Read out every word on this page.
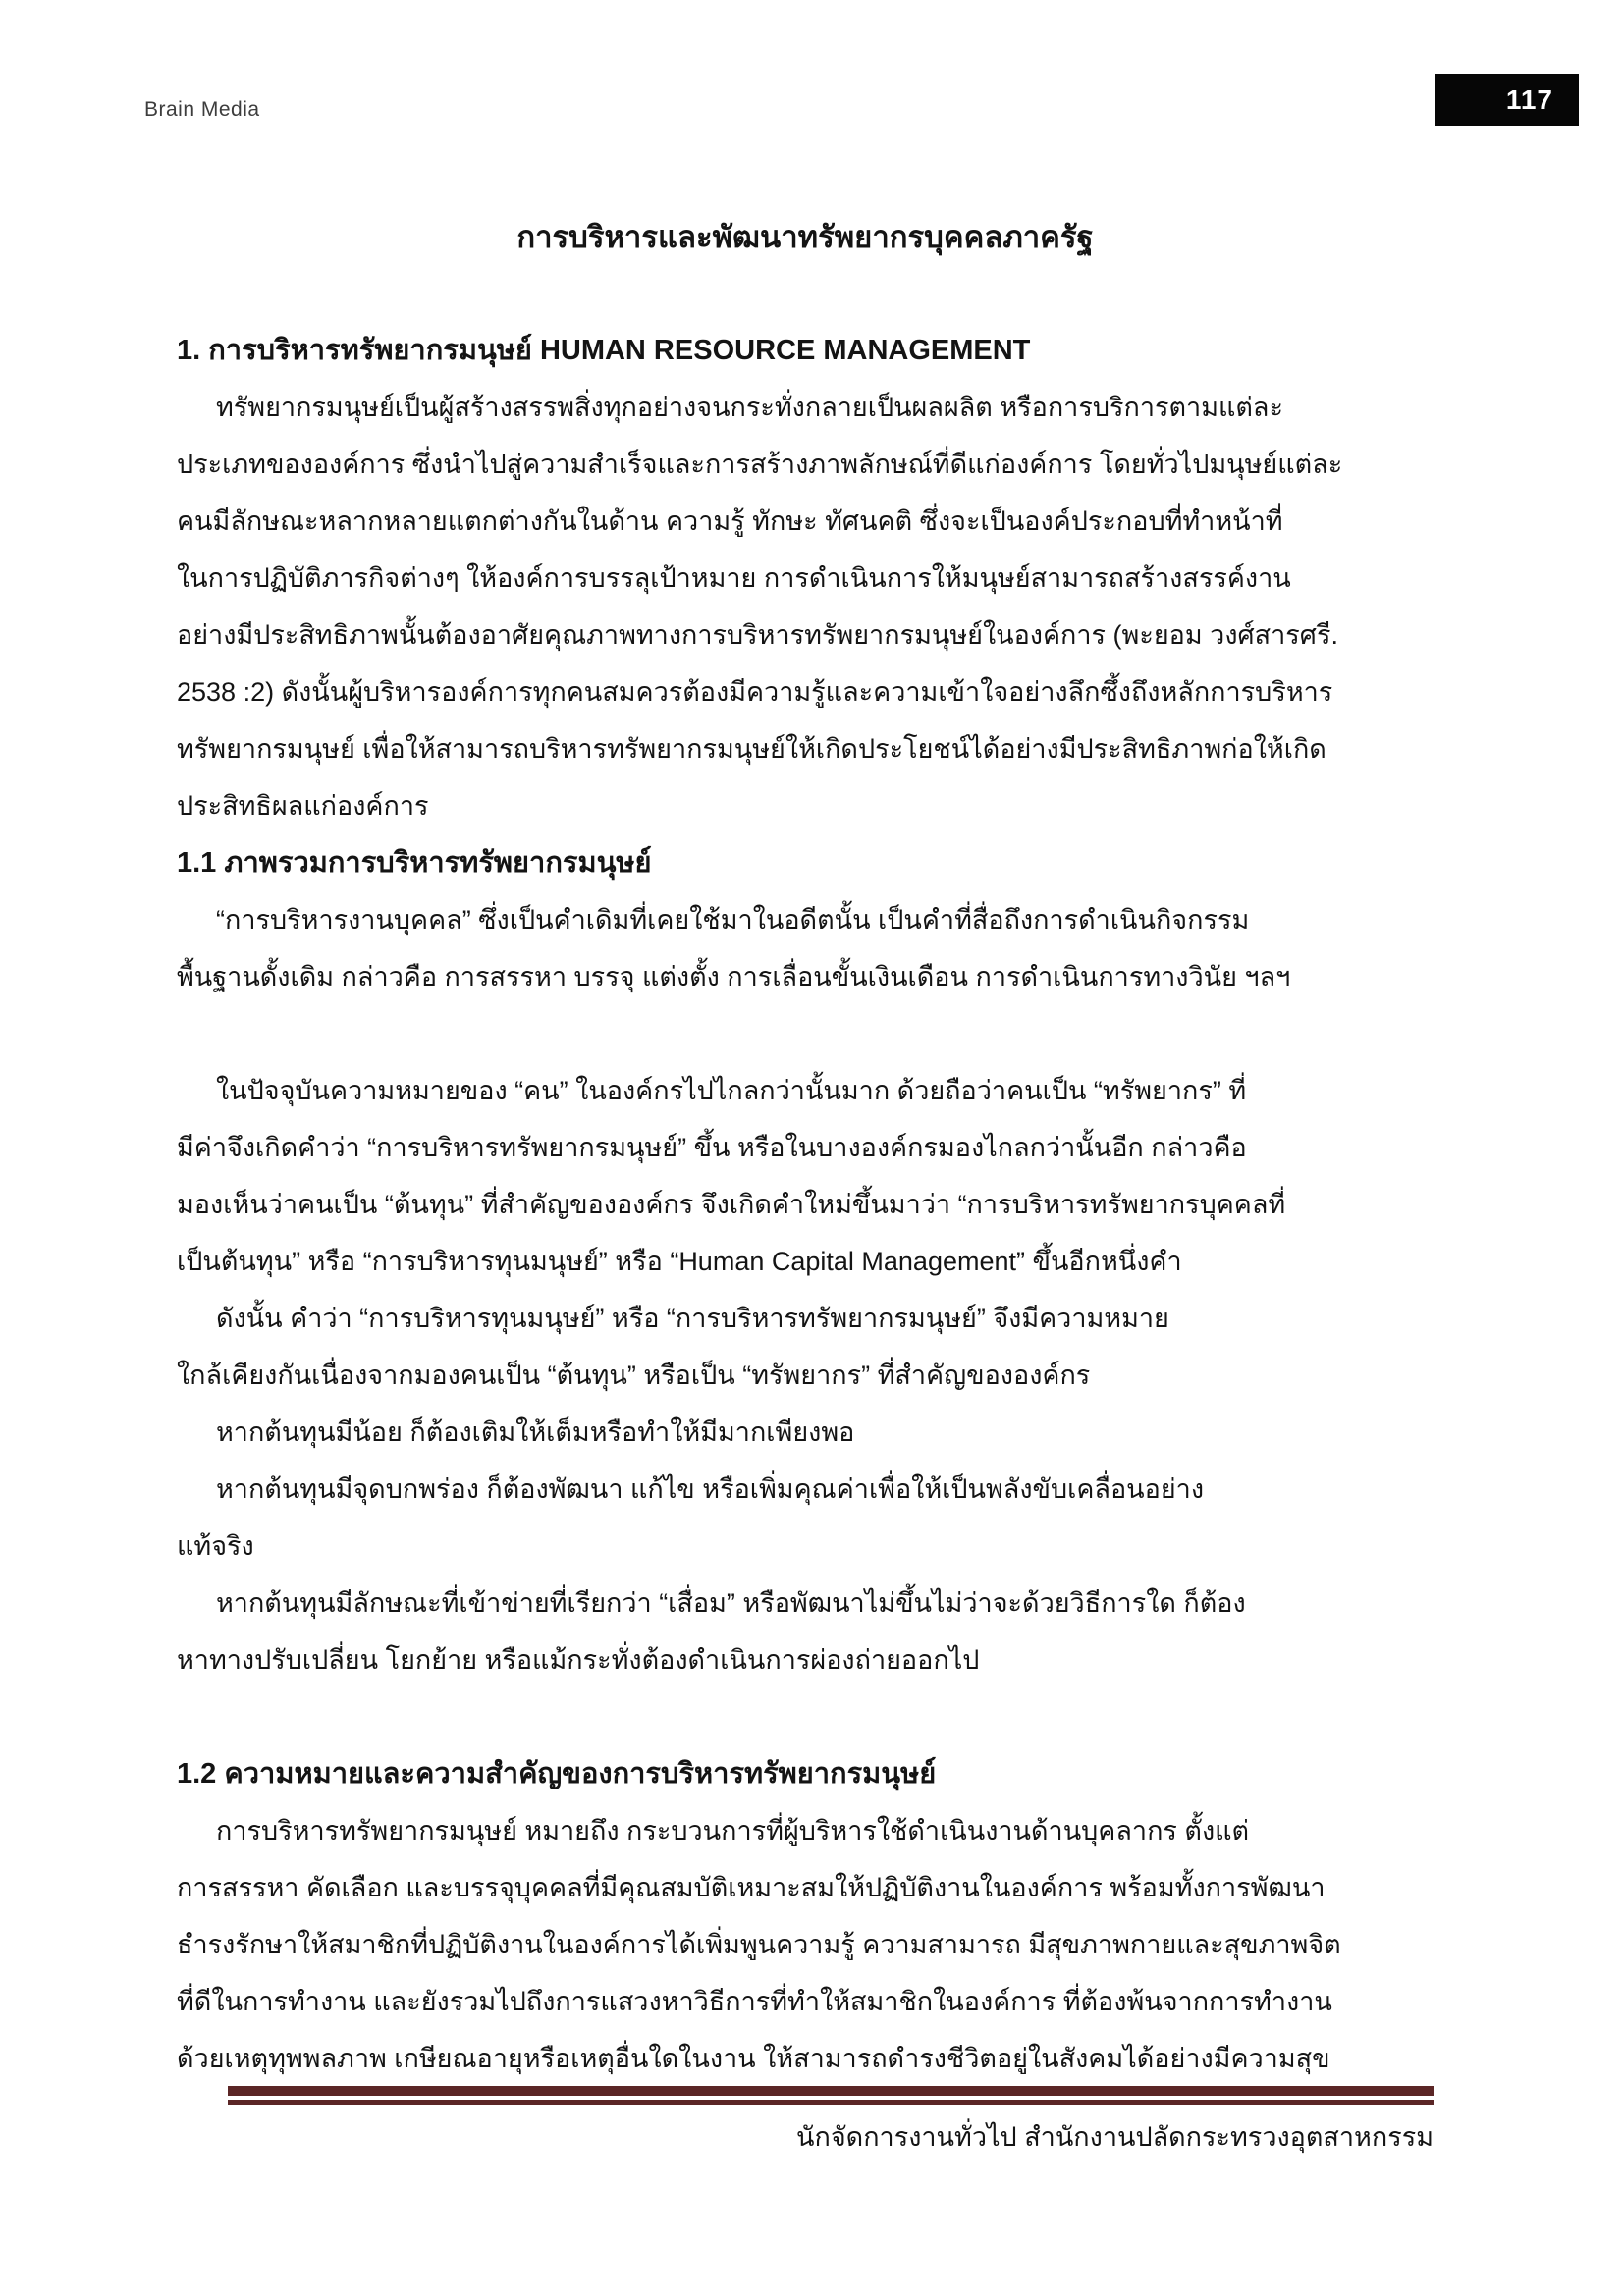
Brain Media	117
การบริหารและพัฒนาทรัพยากรบุคคลภาครัฐ
1. การบริหารทรัพยากรมนุษย์ HUMAN RESOURCE MANAGEMENT
ทรัพยากรมนุษย์เป็นผู้สร้างสรรพสิ่งทุกอย่างจนกระทั่งกลายเป็นผลผลิต หรือการบริการตามแต่ละ
ประเภทขององค์การ ซึ่งนำไปสู่ความสำเร็จและการสร้างภาพลักษณ์ที่ดีแก่องค์การ โดยทั่วไปมนุษย์แต่ละ
คนมีลักษณะหลากหลายแตกต่างกันในด้าน ความรู้ ทักษะ ทัศนคติ ซึ่งจะเป็นองค์ประกอบที่ทำหน้าที่
ในการปฏิบัติภารกิจต่างๆ ให้องค์การบรรลุเป้าหมาย การดำเนินการให้มนุษย์สามารถสร้างสรรค์งาน
อย่างมีประสิทธิภาพนั้นต้องอาศัยคุณภาพทางการบริหารทรัพยากรมนุษย์ในองค์การ (พะยอม วงศ์สารศรี.
2538 :2) ดังนั้นผู้บริหารองค์การทุกคนสมควรต้องมีความรู้และความเข้าใจอย่างลึกซึ้งถึงหลักการบริหาร
ทรัพยากรมนุษย์ เพื่อให้สามารถบริหารทรัพยากรมนุษย์ให้เกิดประโยชน์ได้อย่างมีประสิทธิภาพก่อให้เกิด
ประสิทธิผลแก่องค์การ
1.1 ภาพรวมการบริหารทรัพยากรมนุษย์
“การบริหารงานบุคคล” ซึ่งเป็นคำเดิมที่เคยใช้มาในอดีตนั้น เป็นคำที่สื่อถึงการดำเนินกิจกรรม
พื้นฐานดั้งเดิม กล่าวคือ การสรรหา บรรจุ แต่งตั้ง การเลื่อนขั้นเงินเดือน การดำเนินการทางวินัย ฯลฯ
ในปัจจุบันความหมายของ “คน” ในองค์กรไปไกลกว่านั้นมาก ด้วยถือว่าคนเป็น “ทรัพยากร” ที่
มีค่าจึงเกิดคำว่า “การบริหารทรัพยากรมนุษย์” ขึ้น หรือในบางองค์กรมองไกลกว่านั้นอีก กล่าวคือ
มองเห็นว่าคนเป็น “ต้นทุน” ที่สำคัญขององค์กร จึงเกิดคำใหม่ขึ้นมาว่า “การบริหารทรัพยากรบุคคลที่
เป็นต้นทุน” หรือ “การบริหารทุนมนุษย์” หรือ “Human Capital Management” ขึ้นอีกหนึ่งคำ
ดังนั้น คำว่า “การบริหารทุนมนุษย์” หรือ “การบริหารทรัพยากรมนุษย์” จึงมีความหมาย
ใกล้เคียงกันเนื่องจากมองคนเป็น “ต้นทุน” หรือเป็น “ทรัพยากร” ที่สำคัญขององค์กร
หากต้นทุนมีน้อย ก็ต้องเติมให้เต็มหรือทำให้มีมากเพียงพอ
หากต้นทุนมีจุดบกพร่อง ก็ต้องพัฒนา แก้ไข หรือเพิ่มคุณค่าเพื่อให้เป็นพลังขับเคลื่อนอย่าง
แท้จริง
หากต้นทุนมีลักษณะที่เข้าข่ายที่เรียกว่า “เสื่อม” หรือพัฒนาไม่ขึ้นไม่ว่าจะด้วยวิธีการใด ก็ต้อง
หาทางปรับเปลี่ยน โยกย้าย หรือแม้กระทั่งต้องดำเนินการผ่องถ่ายออกไป
1.2 ความหมายและความสำคัญของการบริหารทรัพยากรมนุษย์
การบริหารทรัพยากรมนุษย์ หมายถึง กระบวนการที่ผู้บริหารใช้ดำเนินงานด้านบุคลากร ตั้งแต่
การสรรหา คัดเลือก และบรรจุบุคคลที่มีคุณสมบัติเหมาะสมให้ปฏิบัติงานในองค์การ พร้อมทั้งการพัฒนา
ธำรงรักษาให้สมาชิกที่ปฏิบัติงานในองค์การได้เพิ่มพูนความรู้ ความสามารถ มีสุขภาพกายและสุขภาพจิต
ที่ดีในการทำงาน และยังรวมไปถึงการแสวงหาวิธีการที่ทำให้สมาชิกในองค์การ ที่ต้องพ้นจากการทำงาน
ด้วยเหตุทุพพลภาพ เกษียณอายุหรือเหตุอื่นใดในงาน ให้สามารถดำรงชีวิตอยู่ในสังคมได้อย่างมีความสุข
นักจัดการงานทั่วไป สำนักงานปลัดกระทรวงอุตสาหกรรม
